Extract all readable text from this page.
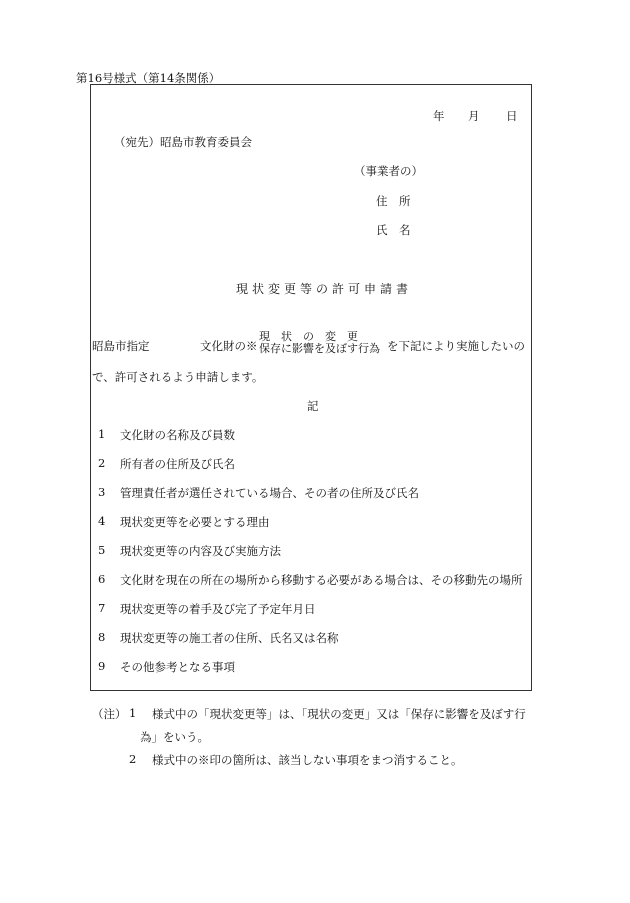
第16号様式（第14条関係）
年 月 日
（宛先）昭島市教育委員会
（事業者の）
住　所
氏　名
現状変更等の許可申請書
昭島市指定	文化財の※
現　状　の　変　更
保存に影響を及ぼす行為 を下記により実施したいの
で、許可されるよう申請します。
記
1 文化財の名称及び員数
2 所有者の住所及び氏名
3 管理責任者が選任されている場合、その者の住所及び氏名
4 現状変更等を必要とする理由
5 現状変更等の内容及び実施方法
6 文化財を現在の所在の場所から移動する必要がある場合は、その移動先の場所
7 現状変更等の着手及び完了予定年月日
8 現状変更等の施工者の住所、氏名又は名称
9 その他参考となる事項
（注） 1 様式中の「現状変更等」は、「現状の変更」又は「保存に影響を及ぼす行
為」をいう。
2 様式中の※印の箇所は、該当しない事項をまつ消すること。
